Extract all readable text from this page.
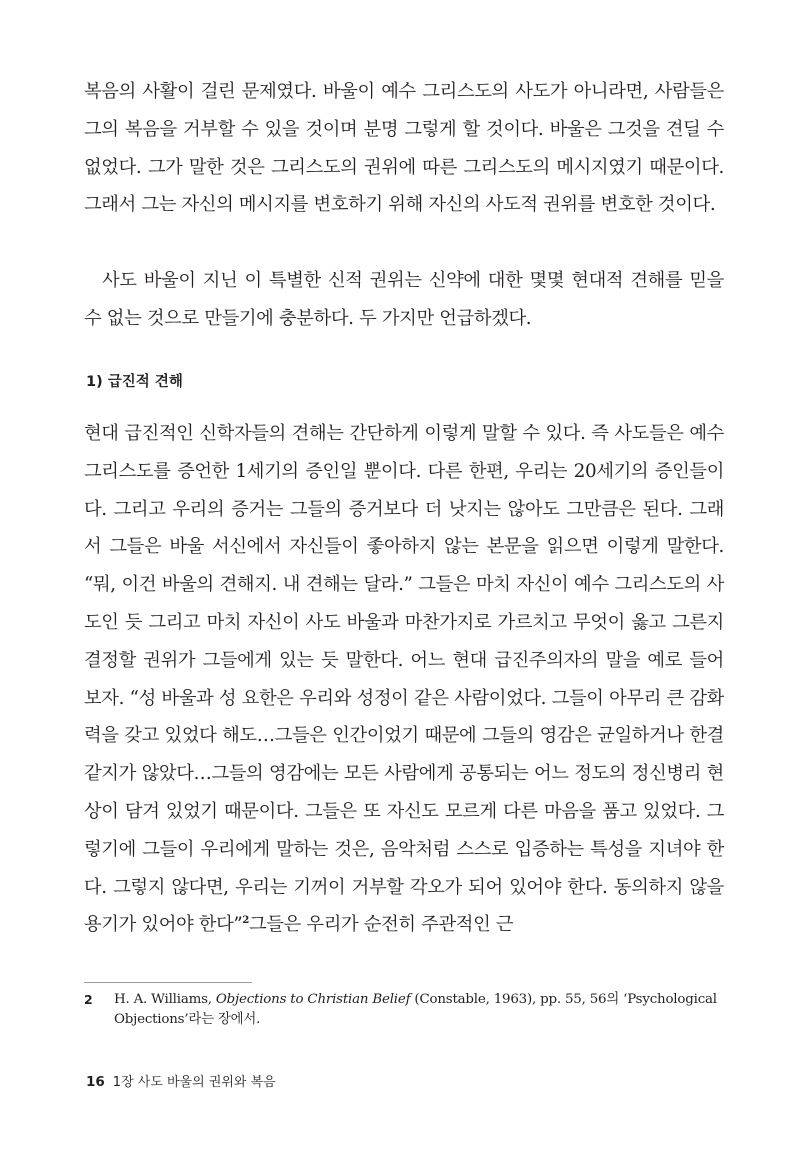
복음의 사활이 걸린 문제였다. 바울이 예수 그리스도의 사도가 아니라면, 사람들은 그의 복음을 거부할 수 있을 것이며 분명 그렇게 할 것이다. 바울은 그것을 견딜 수 없었다. 그가 말한 것은 그리스도의 권위에 따른 그리스도의 메시지였기 때문이다. 그래서 그는 자신의 메시지를 변호하기 위해 자신의 사도적 권위를 변호한 것이다.

사도 바울이 지닌 이 특별한 신적 권위는 신약에 대한 몇몇 현대적 견해를 믿을 수 없는 것으로 만들기에 충분하다. 두 가지만 언급하겠다.

1) 급진적 견해

현대 급진적인 신학자들의 견해는 간단하게 이렇게 말할 수 있다. 즉 사도들은 예수 그리스도를 증언한 1세기의 증인일 뿐이다. 다른 한편, 우리는 20세기의 증인들이다. 그리고 우리의 증거는 그들의 증거보다 더 낫지는 않아도 그만큼은 된다. 그래서 그들은 바울 서신에서 자신들이 좋아하지 않는 본문을 읽으면 이렇게 말한다. “뭐, 이건 바울의 견해지. 내 견해는 달라.” 그들은 마치 자신이 예수 그리스도의 사도인 듯 그리고 마치 자신이 사도 바울과 마찬가지로 가르치고 무엇이 옳고 그른지 결정할 권위가 그들에게 있는 듯 말한다. 어느 현대 급진주의자의 말을 예로 들어 보자. “성 바울과 성 요한은 우리와 성정이 같은 사람이었다. 그들이 아무리 큰 감화력을 갖고 있었다 해도…그들은 인간이었기 때문에 그들의 영감은 균일하거나 한결같지가 않았다…그들의 영감에는 모든 사람에게 공통되는 어느 정도의 정신병리 현상이 담겨 있었기 때문이다. 그들은 또 자신도 모르게 다른 마음을 품고 있었다. 그렇기에 그들이 우리에게 말하는 것은, 음악처럼 스스로 입증하는 특성을 지녀야 한다. 그렇지 않다면, 우리는 기꺼이 거부할 각오가 되어 있어야 한다. 동의하지 않을 용기가 있어야 한다”$^2$그들은 우리가 순전히 주관적인 근

2 H. A. Williams, Objections to Christian Belief (Constable, 1963), pp. 55, 56의 ‘Psychological Objections’라는 장에서.
16 1장 사도 바울의 권위와 복음
